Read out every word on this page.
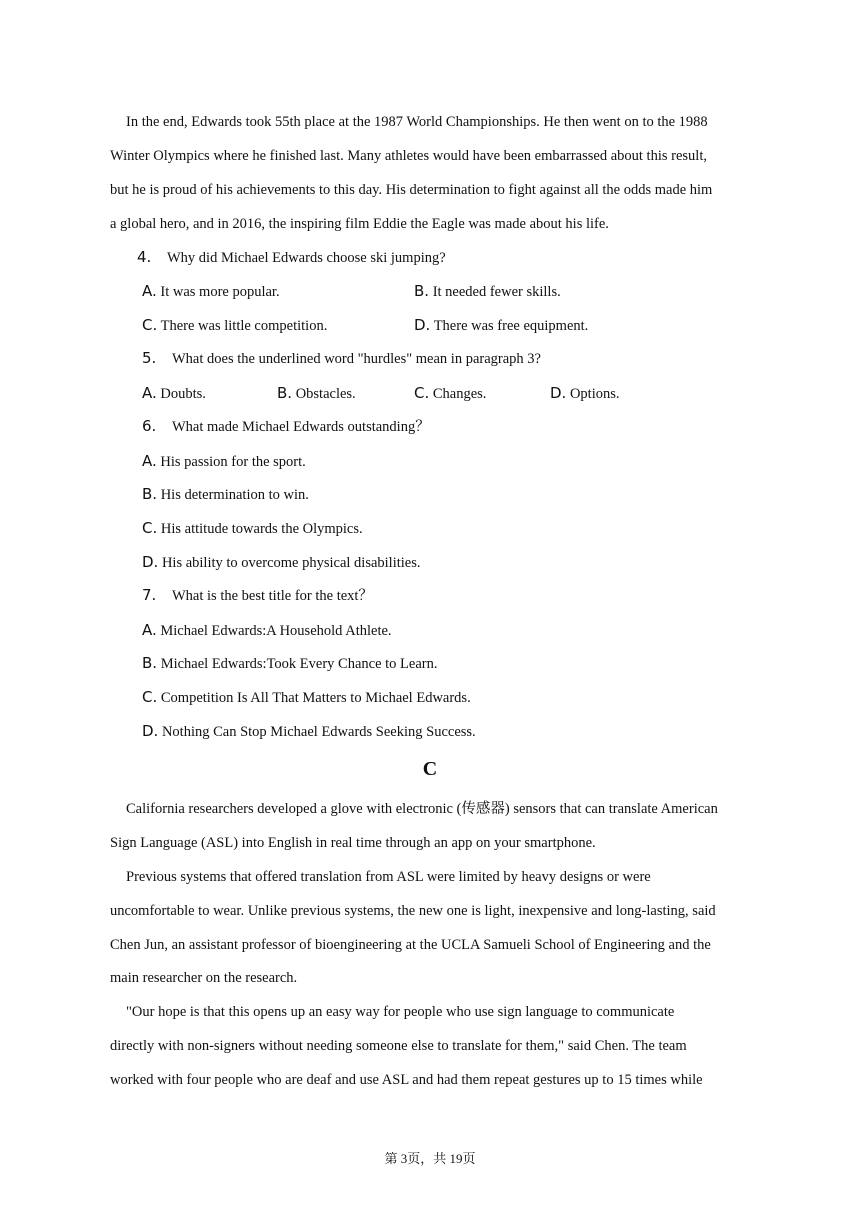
In the end, Edwards took 55th place at the 1987 World Championships. He then went on to the 1988
Winter Olympics where he finished last. Many athletes would have been embarrassed about this result,
but he is proud of his achievements to this day. His determination to fight against all the odds made him
a global hero, and in 2016, the inspiring film Eddie the Eagle was made about his life.
4. Why did Michael Edwards choose ski jumping?
A. It was more popular.	B. It needed fewer skills.
C. There was little competition.	D. There was free equipment.
5. What does the underlined word "hurdles" mean in paragraph 3?
A. Doubts.	B. Obstacles.	C. Changes.	D. Options.
6. What made Michael Edwards outstanding？
A. His passion for the sport.
B. His determination to win.
C. His attitude towards the Olympics.
D. His ability to overcome physical disabilities.
7. What is the best title for the text？
A. Michael Edwards:A Household Athlete.
B. Michael Edwards:Took Every Chance to Learn.
C. Competition Is All That Matters to Michael Edwards.
D. Nothing Can Stop Michael Edwards Seeking Success.
C
California researchers developed a glove with electronic (传感器) sensors that can translate American
Sign Language (ASL) into English in real time through an app on your smartphone.
Previous systems that offered translation from ASL were limited by heavy designs or were
uncomfortable to wear. Unlike previous systems, the new one is light, inexpensive and long-lasting, said
Chen Jun, an assistant professor of bioengineering at the UCLA Samueli School of Engineering and the
main researcher on the research.
"Our hope is that this opens up an easy way for people who use sign language to communicate
directly with non-signers without needing someone else to translate for them," said Chen. The team
worked with four people who are deaf and use ASL and had them repeat gestures up to 15 times while
第 3页，共 19页
